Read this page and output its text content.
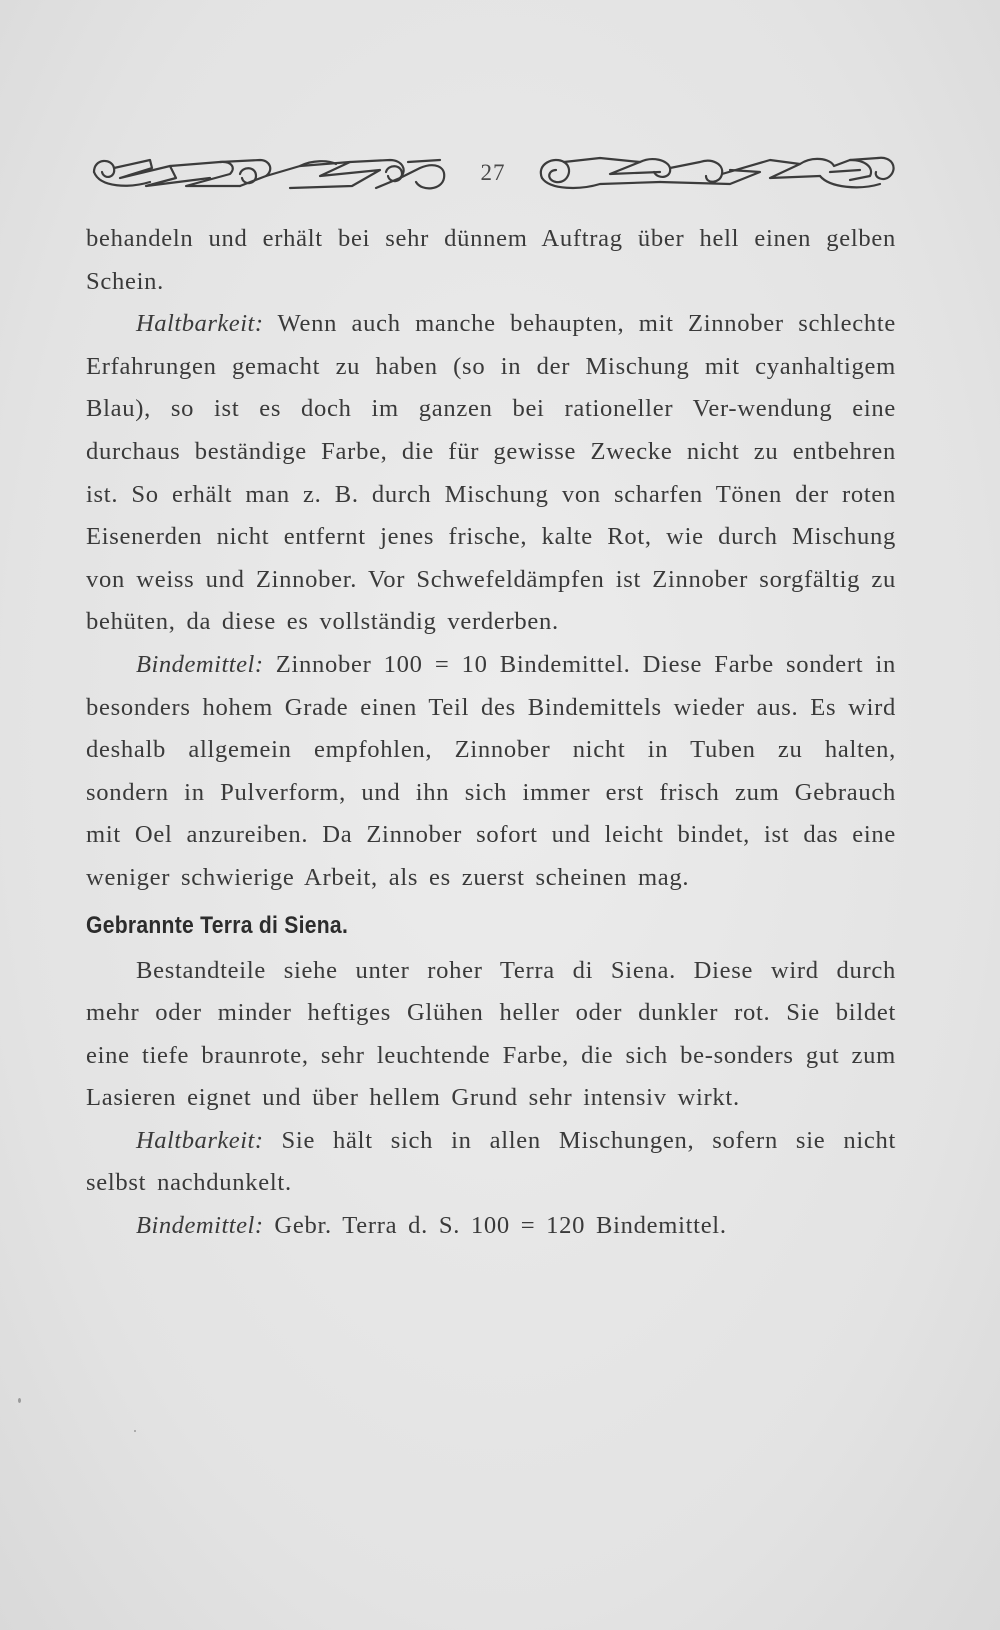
27

behandeln und erhält bei sehr dünnem Auftrag über hell einen gelben Schein.

Haltbarkeit: Wenn auch manche behaupten, mit Zinnober schlechte Erfahrungen gemacht zu haben (so in der Mischung mit cyanhaltigem Blau), so ist es doch im ganzen bei rationeller Ver-wendung eine durchaus beständige Farbe, die für gewisse Zwecke nicht zu entbehren ist. So erhält man z. B. durch Mischung von scharfen Tönen der roten Eisenerden nicht entfernt jenes frische, kalte Rot, wie durch Mischung von weiss und Zinnober. Vor Schwefeldämpfen ist Zinnober sorgfältig zu behüten, da diese es vollständig verderben.

Bindemittel: Zinnober 100 = 10 Bindemittel. Diese Farbe sondert in besonders hohem Grade einen Teil des Bindemittels wieder aus. Es wird deshalb allgemein empfohlen, Zinnober nicht in Tuben zu halten, sondern in Pulverform, und ihn sich immer erst frisch zum Gebrauch mit Oel anzureiben. Da Zinnober sofort und leicht bindet, ist das eine weniger schwierige Arbeit, als es zuerst scheinen mag.

Gebrannte Terra di Siena.

Bestandteile siehe unter roher Terra di Siena. Diese wird durch mehr oder minder heftiges Glühen heller oder dunkler rot. Sie bildet eine tiefe braunrote, sehr leuchtende Farbe, die sich be-sonders gut zum Lasieren eignet und über hellem Grund sehr intensiv wirkt.

Haltbarkeit: Sie hält sich in allen Mischungen, sofern sie nicht selbst nachdunkelt.

Bindemittel: Gebr. Terra d. S. 100 = 120 Bindemittel.
